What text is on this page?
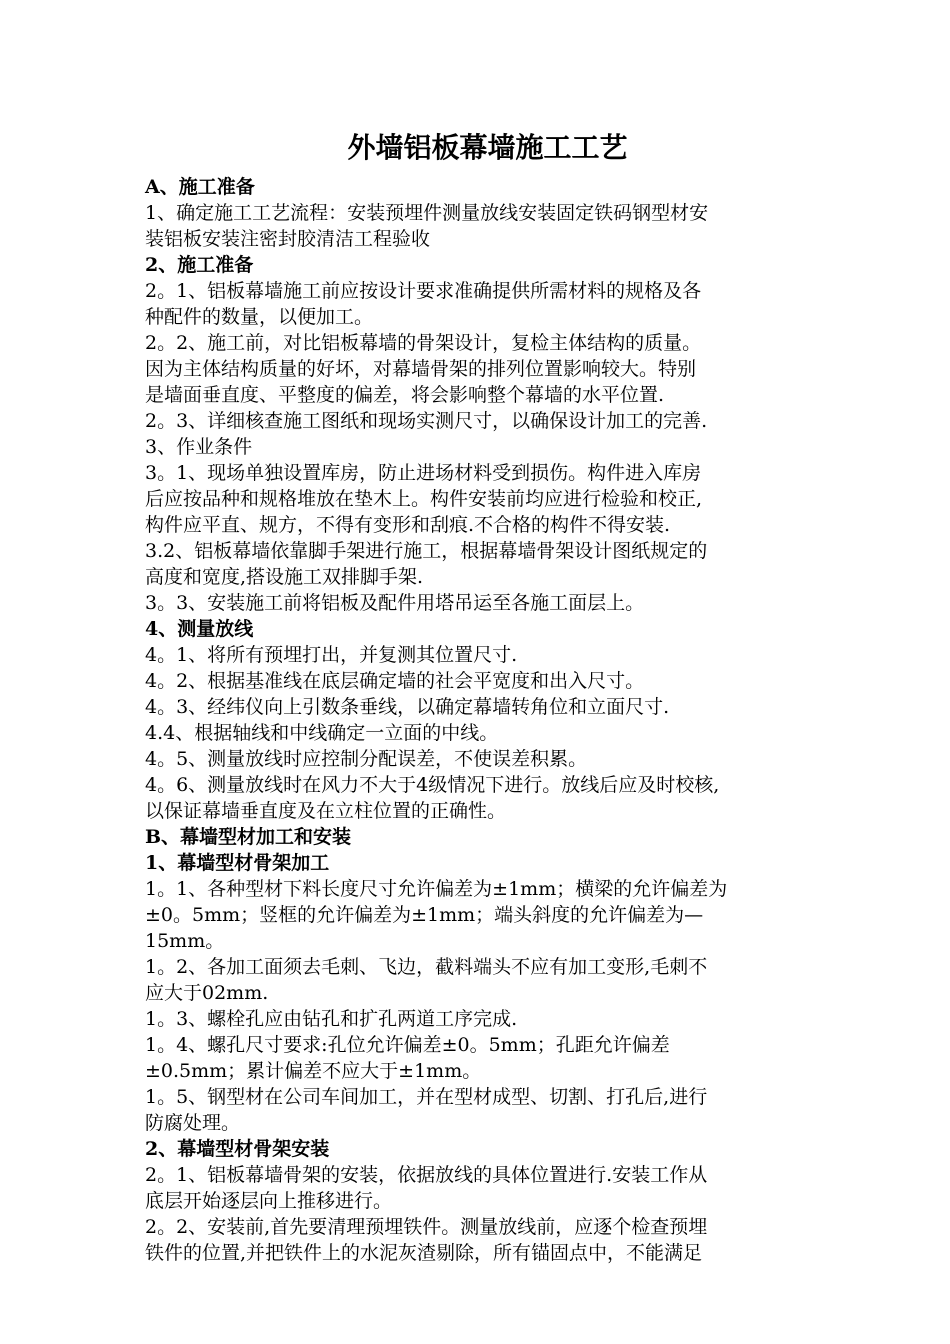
外墙铝板幕墙施工工艺
A、施工准备
1、确定施工工艺流程：安装预埋件测量放线安装固定铁码钢型材安
装铝板安装注密封胶清洁工程验收
2、施工准备
2。1、铝板幕墙施工前应按设计要求准确提供所需材料的规格及各
种配件的数量，以便加工。
2。2、施工前，对比铝板幕墙的骨架设计，复检主体结构的质量。
因为主体结构质量的好坏，对幕墙骨架的排列位置影响较大。特别
是墙面垂直度、平整度的偏差，将会影响整个幕墙的水平位置.
2。3、详细核查施工图纸和现场实测尺寸，以确保设计加工的完善.
3、作业条件
3。1、现场单独设置库房，防止进场材料受到损伤。构件进入库房
后应按品种和规格堆放在垫木上。构件安装前均应进行检验和校正,
构件应平直、规方，不得有变形和刮痕.不合格的构件不得安装.
3.2、铝板幕墙依靠脚手架进行施工，根据幕墙骨架设计图纸规定的
高度和宽度,搭设施工双排脚手架.
3。3、安装施工前将铝板及配件用塔吊运至各施工面层上。
4、测量放线
4。1、将所有预埋打出，并复测其位置尺寸.
4。2、根据基准线在底层确定墙的社会平宽度和出入尺寸。
4。3、经纬仪向上引数条垂线，以确定幕墙转角位和立面尺寸.
4.4、根据轴线和中线确定一立面的中线。
4。5、测量放线时应控制分配误差，不使误差积累。
4。6、测量放线时在风力不大于4级情况下进行。放线后应及时校核,
以保证幕墙垂直度及在立柱位置的正确性。
B、幕墙型材加工和安装
1、幕墙型材骨架加工
1。1、各种型材下料长度尺寸允许偏差为±1mm；横梁的允许偏差为
±0。5mm；竖框的允许偏差为±1mm；端头斜度的允许偏差为—
15mm。
1。2、各加工面须去毛刺、飞边，截料端头不应有加工变形,毛刺不
应大于02mm.
1。3、螺栓孔应由钻孔和扩孔两道工序完成.
1。4、螺孔尺寸要求:孔位允许偏差±0。5mm；孔距允许偏差
±0.5mm；累计偏差不应大于±1mm。
1。5、钢型材在公司车间加工，并在型材成型、切割、打孔后,进行
防腐处理。
2、幕墙型材骨架安装
2。1、铝板幕墙骨架的安装，依据放线的具体位置进行.安装工作从
底层开始逐层向上推移进行。
2。2、安装前,首先要清理预埋铁件。测量放线前，应逐个检查预埋
铁件的位置,并把铁件上的水泥灰渣剔除，所有锚固点中，不能满足
